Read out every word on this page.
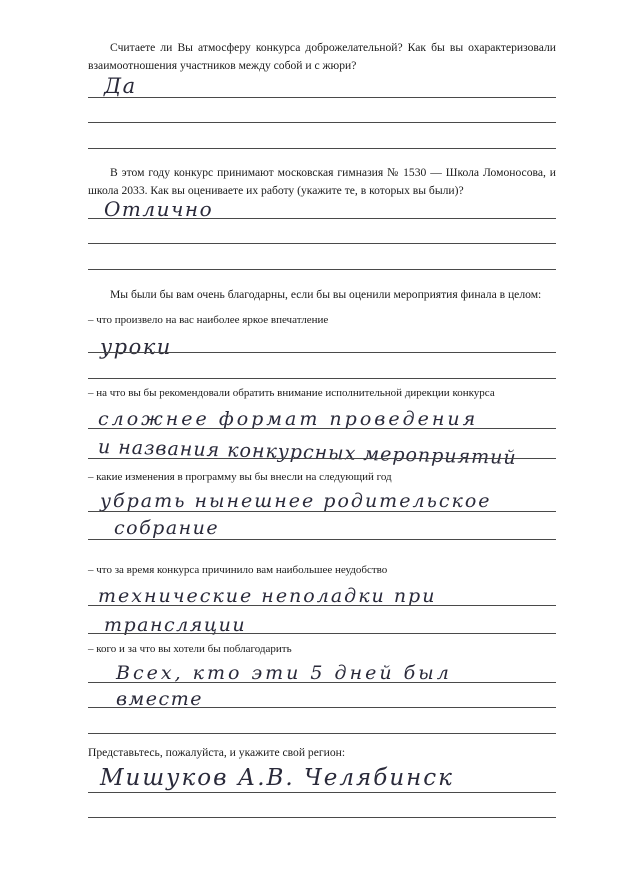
Считаете ли Вы атмосферу конкурса доброжелательной? Как бы вы охарактеризовали взаимоотношения участников между собой и с жюри?
Да
В этом году конкурс принимают московская гимназия № 1530 — Школа Ломоносова, и школа 2033. Как вы оцениваете их работу (укажите те, в которых вы были)?
Отлично
Мы были бы вам очень благодарны, если бы вы оценили мероприятия финала в целом:
– что произвело на вас наиболее яркое впечатление
уроки
– на что вы бы рекомендовали обратить внимание исполнительной дирекции конкурса
сложнее формат проведения
и названия конкурсных мероприятий
– какие изменения в программу вы бы внесли на следующий год
убрать нынешнее родительское
собрание
– что за время конкурса причинило вам наибольшее неудобство
технические неполадки при
трансляции
– кого и за что вы хотели бы поблагодарить
Всех, кто эти 5 дней был
вместе
Представьтесь, пожалуйста, и укажите свой регион:
Мишуков А.В. Челябинск
